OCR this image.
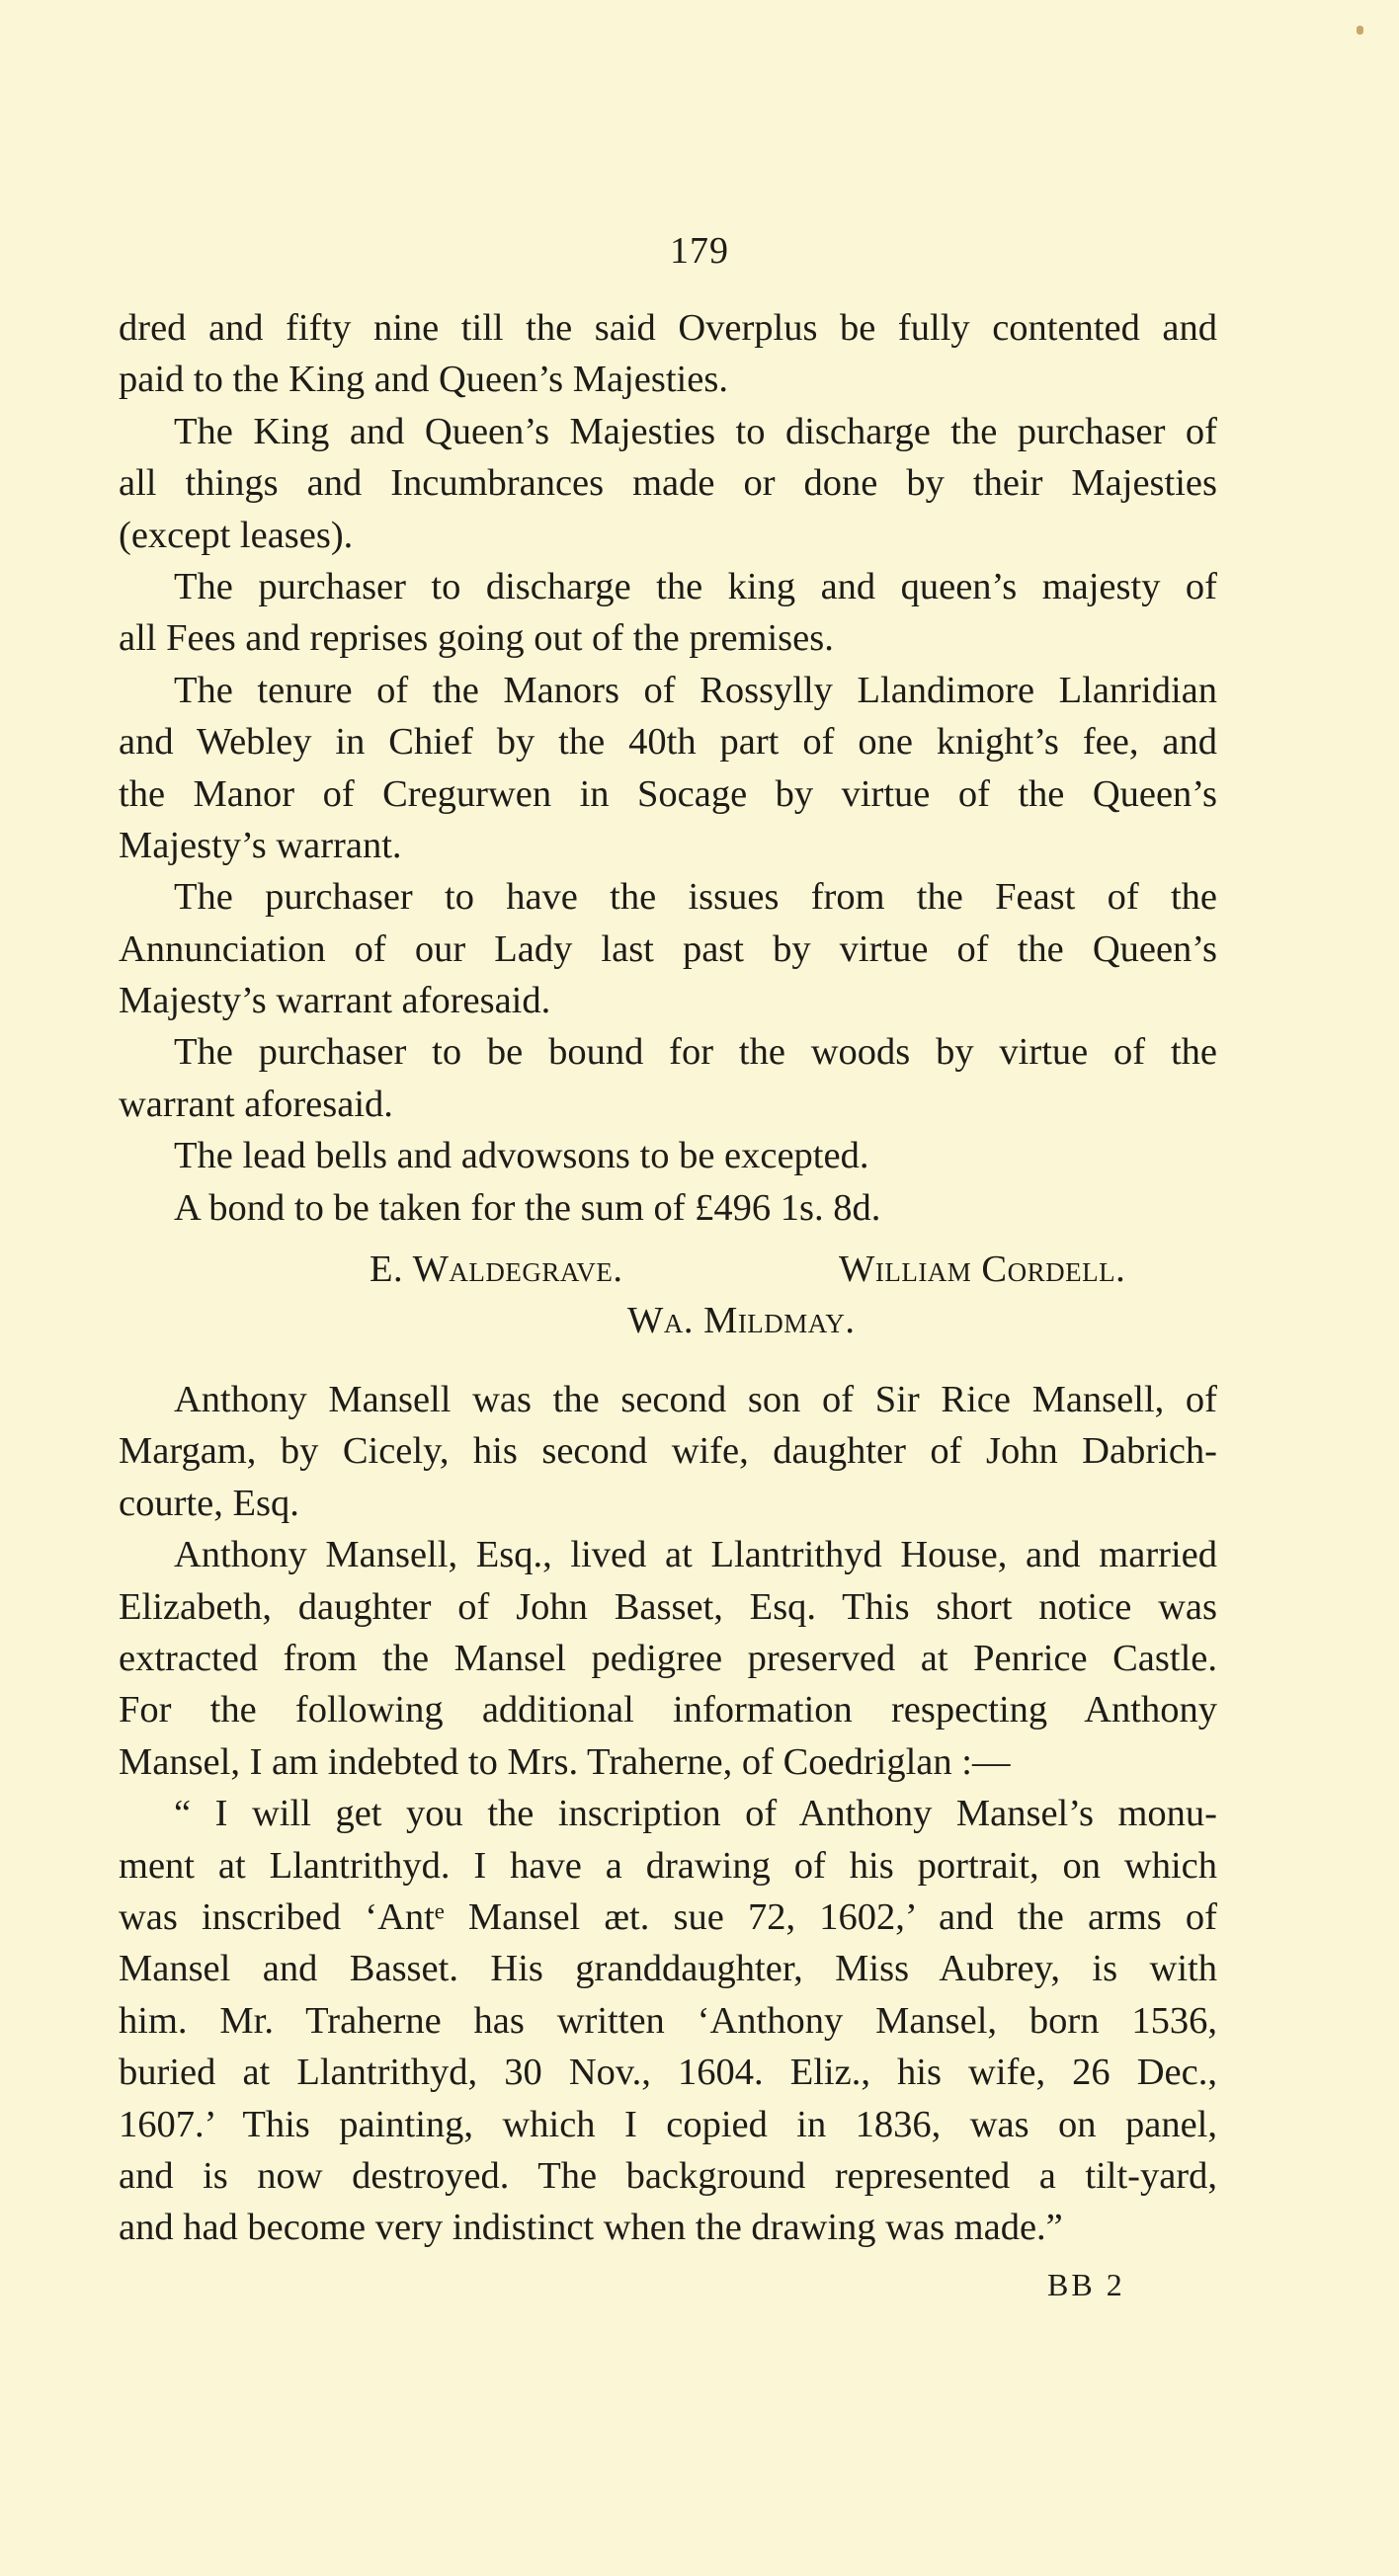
179
dred and fifty nine till the said Overplus be fully contented and
paid to the King and Queen’s Majesties.
The King and Queen’s Majesties to discharge the purchaser of
all things and Incumbrances made or done by their Majesties
(except leases).
The purchaser to discharge the king and queen’s majesty of
all Fees and reprises going out of the premises.
The tenure of the Manors of Rossylly Llandimore Llanridian
and Webley in Chief by the 40th part of one knight’s fee, and
the Manor of Cregurwen in Socage by virtue of the Queen’s
Majesty’s warrant.
The purchaser to have the issues from the Feast of the
Annunciation of our Lady last past by virtue of the Queen’s
Majesty’s warrant aforesaid.
The purchaser to be bound for the woods by virtue of the
warrant aforesaid.
The lead bells and advowsons to be excepted.
A bond to be taken for the sum of £496 1s. 8d.
E. Waldegrave.	William Cordell.
Wa. Mildmay.
Anthony Mansell was the second son of Sir Rice Mansell, of
Margam, by Cicely, his second wife, daughter of John Dabrich-
courte, Esq.
Anthony Mansell, Esq., lived at Llantrithyd House, and married
Elizabeth, daughter of John Basset, Esq. This short notice was
extracted from the Mansel pedigree preserved at Penrice Castle.
For the following additional information respecting Anthony
Mansel, I am indebted to Mrs. Traherne, of Coedriglan :—
“ I will get you the inscription of Anthony Mansel’s monu-
ment at Llantrithyd. I have a drawing of his portrait, on which
was inscribed ‘Antᵉ Mansel æt. sue 72, 1602,’ and the arms of
Mansel and Basset. His granddaughter, Miss Aubrey, is with
him. Mr. Traherne has written ‘Anthony Mansel, born 1536,
buried at Llantrithyd, 30 Nov., 1604. Eliz., his wife, 26 Dec.,
1607.’ This painting, which I copied in 1836, was on panel,
and is now destroyed. The background represented a tilt-yard,
and had become very indistinct when the drawing was made.”
BB 2
